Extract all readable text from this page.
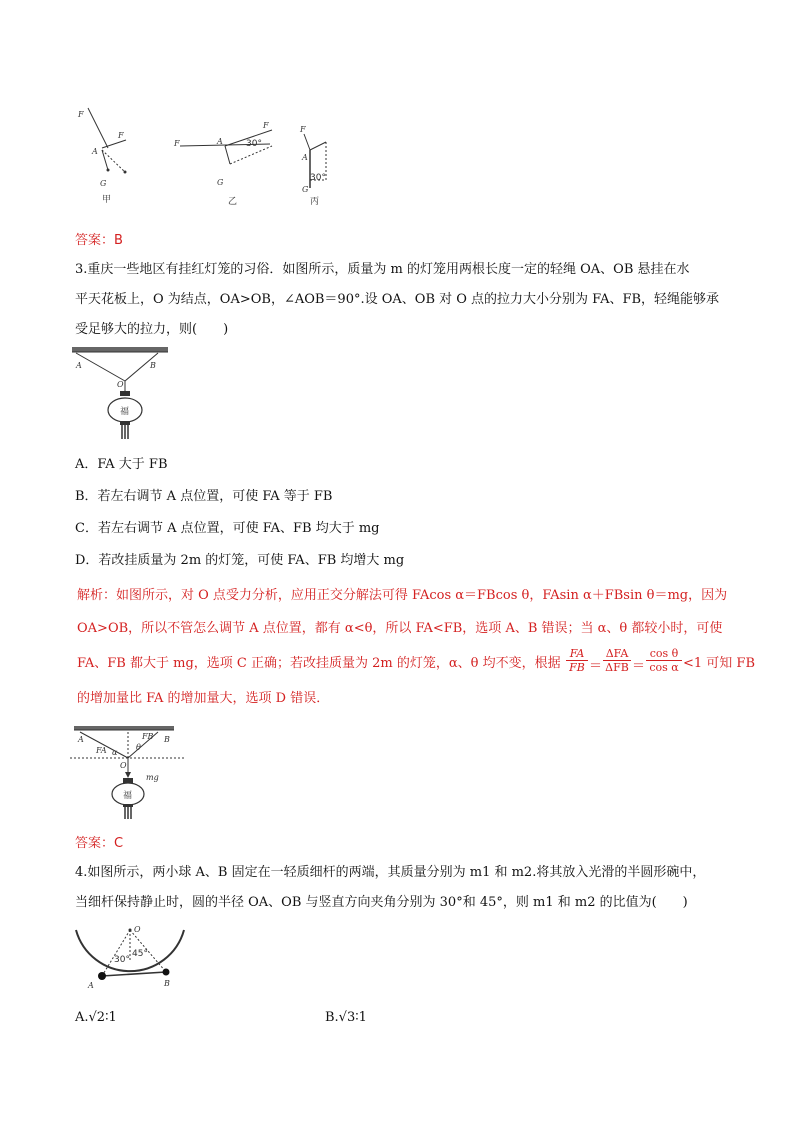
F
F
A
G
甲
F
F
A	30°
G
乙
F
A
30°
G
丙
答案：B
3.重庆一些地区有挂红灯笼的习俗．如图所示，质量为 m 的灯笼用两根长度一定的轻绳 OA、OB 悬挂在水
平天花板上，O 为结点，OA>OB，∠AOB＝90°.设 OA、OB 对 O 点的拉力大小分别为 FA、FB，轻绳能够承
受足够大的拉力，则(　　)
A	B
O
福
A．FA 大于 FB
B．若左右调节 A 点位置，可使 FA 等于 FB
C．若左右调节 A 点位置，可使 FA、FB 均大于 mg
D．若改挂质量为 2m 的灯笼，可使 FA、FB 均增大 mg
解析：如图所示，对 O 点受力分析，应用正交分解法可得 FAcos α＝FBcos θ，FAsin α＋FBsin θ＝mg，因为
OA>OB，所以不管怎么调节 A 点位置，都有 α<θ，所以 FA<FB，选项 A、B 错误；当 α、θ 都较小时，可使
FA、FB 都大于 mg，选项 C 正确；若改挂质量为 2m 的灯笼，α、θ 均不变，根据 $\frac{FA}{FB}$ ＝
ΔFA
$\Delta FB = \frac{\text{cos θ}}{\text{cos α}} <1$ 可知 FB
的增加量比 FA 的增加量大，选项 D 错误．
A	B
FA
FB
α
θ
O
mg
福
答案：C
4.如图所示，两小球 A、B 固定在一轻质细杆的两端，其质量分别为 m1 和 m2.将其放入光滑的半圆形碗中，
当细杆保持静止时，圆的半径 OA、OB 与竖直方向夹角分别为 30°和 45°，则 m1 和 m2 的比值为(　　)
O
30°
45°
A	B
A.√2∶1	B.√3∶1
